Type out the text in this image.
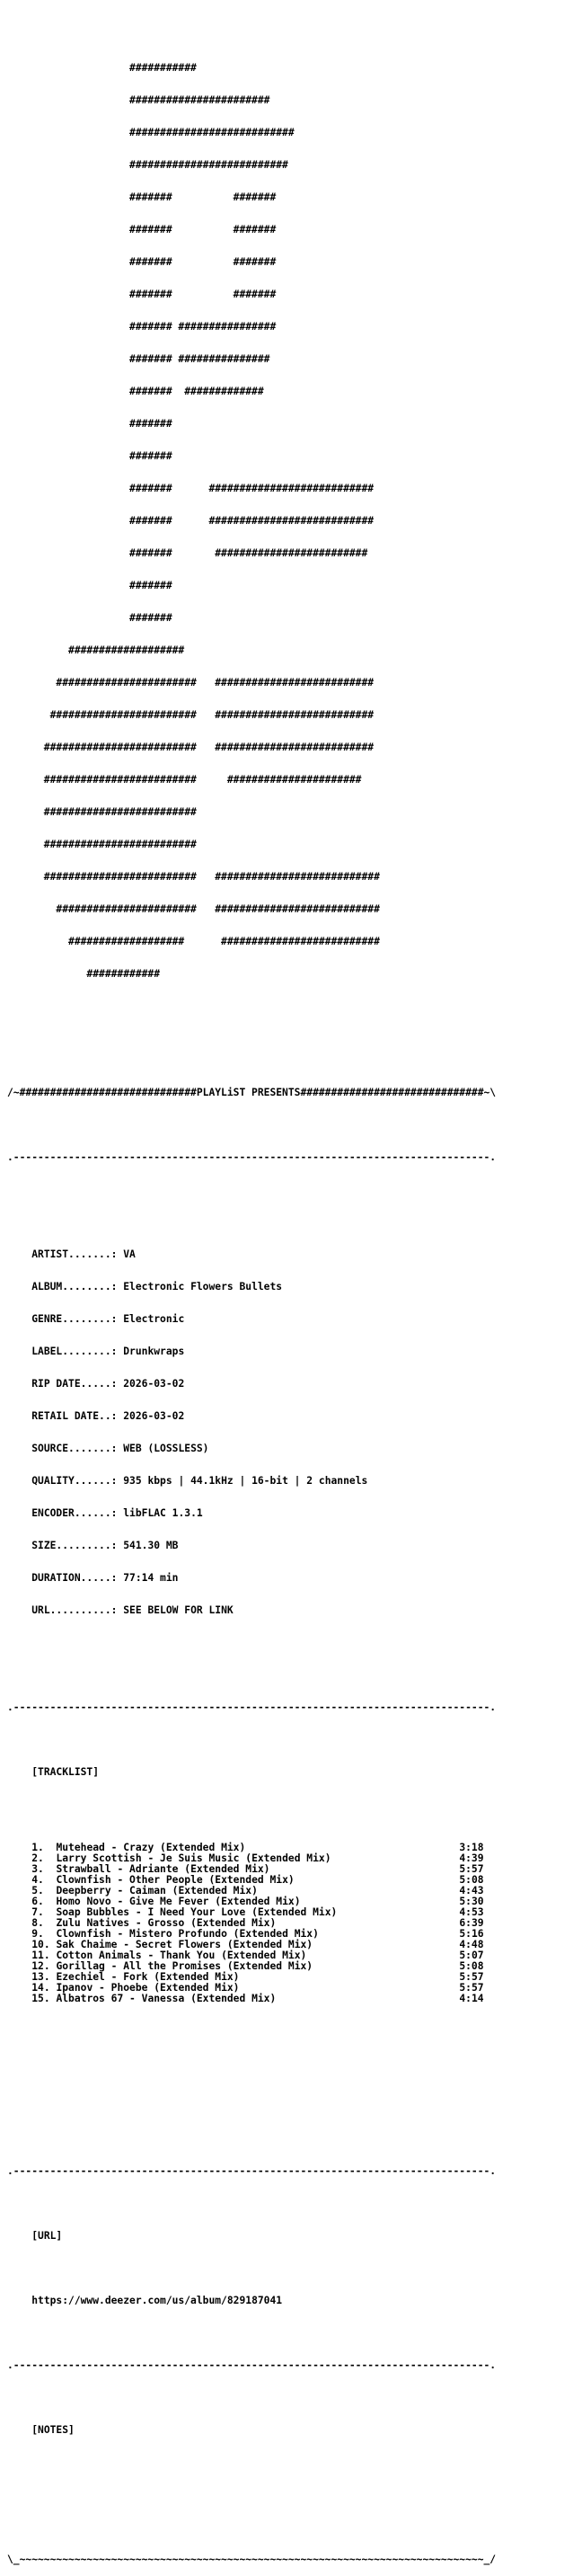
###########

#######################

###########################

##########################

#######          #######

#######          #######

#######          #######

#######          #######

####### ################

####### ###############

#######  #############

#######

#######

#######      ###########################

#######      ###########################

#######       #########################

#######

#######

###################

#######################   ##########################

########################   ##########################

#########################   ##########################

#########################     ######################

#########################

#########################

#########################   ###########################

#######################   ###########################

###################      ##########################

############

/~#############################PLAYLiST PRESENTS##############################~\

.------------------------------------------------------------------------------.

ARTIST.......: VA

ALBUM........: Electronic Flowers Bullets

GENRE........: Electronic

LABEL........: Drunkwraps

RIP DATE.....: 2026-03-02

RETAIL DATE..: 2026-03-02

SOURCE.......: WEB (LOSSLESS)

QUALITY......: 935 kbps | 44.1kHz | 16-bit | 2 channels

ENCODER......: libFLAC 1.3.1

SIZE.........: 541.30 MB

DURATION.....: 77:14 min

URL..........: SEE BELOW FOR LINK

.------------------------------------------------------------------------------.

[TRACKLIST]

1. Mutehead - Crazy (Extended Mix)	3:18
2. Larry Scottish - Je Suis Music (Extended Mix)	4:39
3. Strawball - Adriante (Extended Mix)	5:57
4. Clownfish - Other People (Extended Mix)	5:08
5. Deepberry - Caiman (Extended Mix)	4:43
6. Homo Novo - Give Me Fever (Extended Mix)	5:30
7. Soap Bubbles - I Need Your Love (Extended Mix)	4:53
8. Zulu Natives - Grosso (Extended Mix)	6:39
9. Clownfish - Mistero Profundo (Extended Mix)	5:16
10. Sak Chaime - Secret Flowers (Extended Mix)	4:48
11. Cotton Animals - Thank You (Extended Mix)	5:07
12. Gorillag - All the Promises (Extended Mix)	5:08
13. Ezechiel - Fork (Extended Mix)	5:57
14. Ipanov - Phoebe (Extended Mix)	5:57
15. Albatros 67 - Vanessa (Extended Mix)	4:14

.------------------------------------------------------------------------------.

[URL]

https://www.deezer.com/us/album/829187041

.------------------------------------------------------------------------------.

[NOTES]

\_~~~~~~~~~~~~~~~~~~~~~~~~~~~~~~~~~~~~~~~~~~~~~~~~~~~~~~~~~~~~~~~~~~~~~~~~~~~~_/
